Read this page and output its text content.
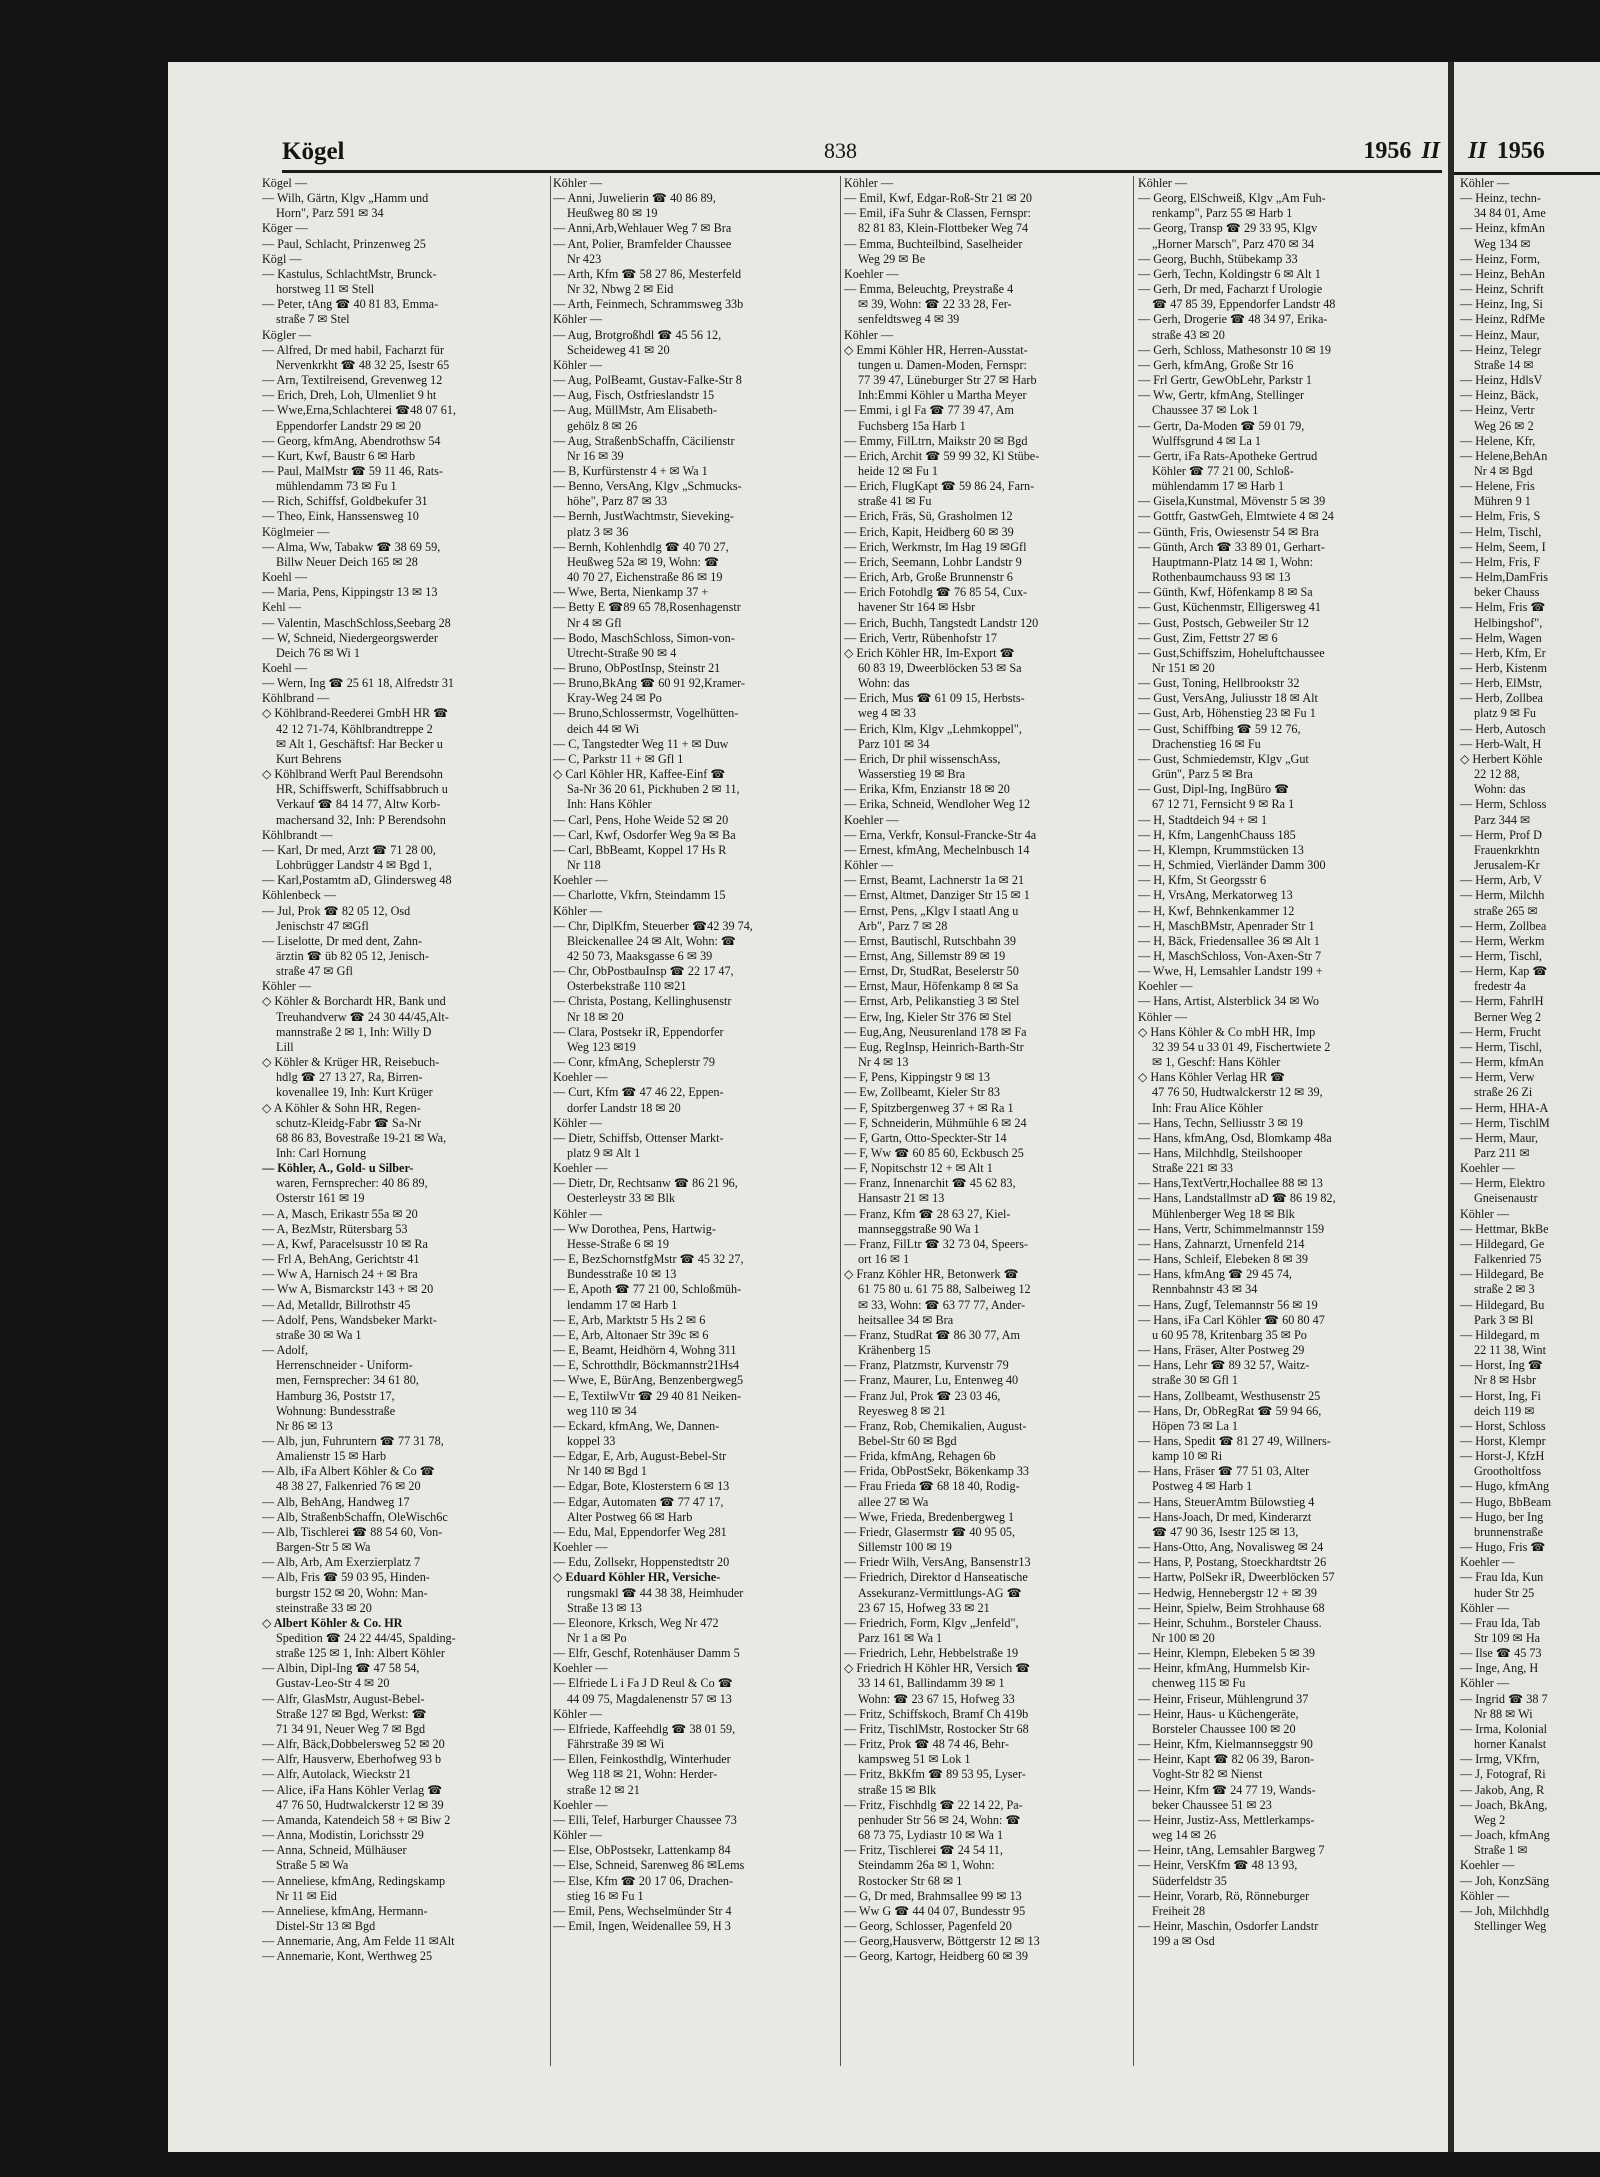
Kögel	838	1956 II
Kögel —
— Wilh, Gärtn, Klgv „Hamm und
Horn", Parz 591 ✉ 34
Köger —
— Paul, Schlacht, Prinzenweg 25
Kögl —
— Kastulus, SchlachtMstr, Brunck-
horstweg 11 ✉ Stell
— Peter, tAng ☎ 40 81 83, Emma-
straße 7 ✉ Stel
Kögler —
— Alfred, Dr med habil, Facharzt für
Nervenkrkht ☎ 48 32 25, Isestr 65
— Arn, Textilreisend, Grevenweg 12
— Erich, Dreh, Loh, Ulmenliet 9 ht
— Wwe,Erna,Schlachterei ☎48 07 61,
Eppendorfer Landstr 29 ✉ 20
— Georg, kfmAng, Abendrothsw 54
— Kurt, Kwf, Baustr 6 ✉ Harb
— Paul, MalMstr ☎ 59 11 46, Rats-
mühlendamm 73 ✉ Fu 1
— Rich, Schiffsf, Goldbekufer 31
— Theo, Eink, Hanssensweg 10
Köglmeier —
— Alma, Ww, Tabakw ☎ 38 69 59,
Billw Neuer Deich 165 ✉ 28
Koehl —
— Maria, Pens, Kippingstr 13 ✉ 13
Kehl —
— Valentin, MaschSchloss,Seebarg 28
— W, Schneid, Niedergeorgswerder
Deich 76 ✉ Wi 1
Koehl —
— Wern, Ing ☎ 25 61 18, Alfredstr 31
Köhlbrand —
◇ Köhlbrand-Reederei GmbH HR ☎
42 12 71-74, Köhlbrandtreppe 2
✉ Alt 1, Geschäftsf: Har Becker u
Kurt Behrens
◇ Köhlbrand Werft Paul Berendsohn
HR, Schiffswerft, Schiffsabbruch u
Verkauf ☎ 84 14 77, Altw Korb-
machersand 32, Inh: P Berendsohn
Köhlbrandt —
— Karl, Dr med, Arzt ☎ 71 28 00,
Lohbrügger Landstr 4 ✉ Bgd 1,
— Karl,Postamtm aD, Glindersweg 48
Köhlenbeck —
— Jul, Prok ☎ 82 05 12, Osd
Jenischstr 47 ✉Gfl
— Liselotte, Dr med dent, Zahn-
ärztin ☎ üb 82 05 12, Jenisch-
straße 47 ✉ Gfl
Köhler —
◇ Köhler & Borchardt HR, Bank und
Treuhandverw ☎ 24 30 44/45,Alt-
mannstraße 2 ✉ 1, Inh: Willy D
Lill
◇ Köhler & Krüger HR, Reisebuch-
hdlg ☎ 27 13 27, Ra, Birren-
kovenallee 19, Inh: Kurt Krüger
◇ A Köhler & Sohn HR, Regen-
schutz-Kleidg-Fabr ☎ Sa-Nr
68 86 83, Bovestraße 19-21 ✉ Wa,
Inh: Carl Hornung
— Köhler, A., Gold- u Silber-
waren, Fernsprecher: 40 86 89,
Osterstr 161 ✉ 19
— A, Masch, Erikastr 55a ✉ 20
— A, BezMstr, Rütersbarg 53
— A, Kwf, Paracelsusstr 10 ✉ Ra
— Frl A, BehAng, Gerichtstr 41
— Ww A, Harnisch 24 + ✉ Bra
— Ww A, Bismarckstr 143 + ✉ 20
— Ad, Metalldr, Billrothstr 45
— Adolf, Pens, Wandsbeker Markt-
straße 30 ✉ Wa 1
— Adolf,
Herrenschneider - Uniform-
men, Fernsprecher: 34 61 80,
Hamburg 36, Poststr 17,
Wohnung: Bundesstraße
Nr 86 ✉ 13
— Alb, jun, Fuhruntern ☎ 77 31 78,
Amalienstr 15 ✉ Harb
— Alb, iFa Albert Köhler & Co ☎
48 38 27, Falkenried 76 ✉ 20
— Alb, BehAng, Handweg 17
— Alb, StraßenbSchaffn, OleWisch6c
— Alb, Tischlerei ☎ 88 54 60, Von-
Bargen-Str 5 ✉ Wa
— Alb, Arb, Am Exerzierplatz 7
— Alb, Fris ☎ 59 03 95, Hinden-
burgstr 152 ✉ 20, Wohn: Man-
steinstraße 33 ✉ 20
◇ Albert Köhler & Co. HR
Spedition ☎ 24 22 44/45, Spalding-
straße 125 ✉ 1, Inh: Albert Köhler
— Albin, Dipl-Ing ☎ 47 58 54,
Gustav-Leo-Str 4 ✉ 20
— Alfr, GlasMstr, August-Bebel-
Straße 127 ✉ Bgd, Werkst: ☎
71 34 91, Neuer Weg 7 ✉ Bgd
— Alfr, Bäck,Dobbelersweg 52 ✉ 20
— Alfr, Hausverw, Eberhofweg 93 b
— Alfr, Autolack, Wieckstr 21
— Alice, iFa Hans Köhler Verlag ☎
47 76 50, Hudtwalckerstr 12 ✉ 39
— Amanda, Katendeich 58 + ✉ Biw 2
— Anna, Modistin, Lorichsstr 29
— Anna, Schneid, Mülhäuser
Straße 5 ✉ Wa
— Anneliese, kfmAng, Redingskamp
Nr 11 ✉ Eid
— Anneliese, kfmAng, Hermann-
Distel-Str 13 ✉ Bgd
— Annemarie, Ang, Am Felde 11 ✉Alt
— Annemarie, Kont, Werthweg 25
Köhler —
— Anni, Juwelierin ☎ 40 86 89,
Heußweg 80 ✉ 19
— Anni,Arb,Wehlauer Weg 7 ✉ Bra
— Ant, Polier, Bramfelder Chaussee
Nr 423
— Arth, Kfm ☎ 58 27 86, Mesterfeld
Nr 32, Nbwg 2 ✉ Eid
— Arth, Feinmech, Schrammsweg 33b
Köhler —
— Aug, Brotgroßhdl ☎ 45 56 12,
Scheideweg 41 ✉ 20
Köhler —
— Aug, PolBeamt, Gustav-Falke-Str 8
— Aug, Fisch, Ostfrieslandstr 15
— Aug, MüllMstr, Am Elisabeth-
gehölz 8 ✉ 26
— Aug, StraßenbSchaffn, Cäcilienstr
Nr 16 ✉ 39
— B, Kurfürstenstr 4 + ✉ Wa 1
— Benno, VersAng, Klgv „Schmucks-
höhe", Parz 87 ✉ 33
— Bernh, JustWachtmstr, Sieveking-
platz 3 ✉ 36
— Bernh, Kohlenhdlg ☎ 40 70 27,
Heußweg 52a ✉ 19, Wohn: ☎
40 70 27, Eichenstraße 86 ✉ 19
— Wwe, Berta, Nienkamp 37 +
— Betty E ☎89 65 78,Rosenhagenstr
Nr 4 ✉ Gfl
— Bodo, MaschSchloss, Simon-von-
Utrecht-Straße 90 ✉ 4
— Bruno, ObPostInsp, Steinstr 21
— Bruno,BkAng ☎ 60 91 92,Kramer-
Kray-Weg 24 ✉ Po
— Bruno,Schlossermstr, Vogelhütten-
deich 44 ✉ Wi
— C, Tangstedter Weg 11 + ✉ Duw
— C, Parkstr 11 + ✉ Gfl 1
◇ Carl Köhler HR, Kaffee-Einf ☎
Sa-Nr 36 20 61, Pickhuben 2 ✉ 11,
Inh: Hans Köhler
— Carl, Pens, Hohe Weide 52 ✉ 20
— Carl, Kwf, Osdorfer Weg 9a ✉ Ba
— Carl, BbBeamt, Koppel 17 Hs R
Nr 118
Koehler —
— Charlotte, Vkfrn, Steindamm 15
Köhler —
— Chr, DiplKfm, Steuerber ☎42 39 74,
Bleickenallee 24 ✉ Alt, Wohn: ☎
42 50 73, Maaksgasse 6 ✉ 39
— Chr, ObPostbauInsp ☎ 22 17 47,
Osterbekstraße 110 ✉21
— Christa, Postang, Kellinghusenstr
Nr 18 ✉ 20
— Clara, Postsekr iR, Eppendorfer
Weg 123 ✉19
— Conr, kfmAng, Scheplerstr 79
Koehler —
— Curt, Kfm ☎ 47 46 22, Eppen-
dorfer Landstr 18 ✉ 20
Köhler —
— Dietr, Schiffsb, Ottenser Markt-
platz 9 ✉ Alt 1
Koehler —
— Dietr, Dr, Rechtsanw ☎ 86 21 96,
Oesterleystr 33 ✉ Blk
Köhler —
— Ww Dorothea, Pens, Hartwig-
Hesse-Straße 6 ✉ 19
— E, BezSchornstfgMstr ☎ 45 32 27,
Bundesstraße 10 ✉ 13
— E, Apoth ☎ 77 21 00, Schloßmüh-
lendamm 17 ✉ Harb 1
— E, Arb, Marktstr 5 Hs 2 ✉ 6
— E, Arb, Altonaer Str 39c ✉ 6
— E, Beamt, Heidhörn 4, Wohng 311
— E, Schrotthdlr, Böckmannstr21Hs4
— Wwe, E, BürAng, Benzenbergweg5
— E, TextilwVtr ☎ 29 40 81 Neiken-
weg 110 ✉ 34
— Eckard, kfmAng, We, Dannen-
koppel 33
— Edgar, E, Arb, August-Bebel-Str
Nr 140 ✉ Bgd 1
— Edgar, Bote, Klosterstern 6 ✉ 13
— Edgar, Automaten ☎ 77 47 17,
Alter Postweg 66 ✉ Harb
— Edu, Mal, Eppendorfer Weg 281
Koehler —
— Edu, Zollsekr, Hoppenstedtstr 20
◇ Eduard Köhler HR, Versiche-
rungsmakl ☎ 44 38 38, Heimhuder
Straße 13 ✉ 13
— Eleonore, Krksch, Weg Nr 472
Nr 1 a ✉ Po
— Elfr, Geschf, Rotenhäuser Damm 5
Koehler —
— Elfriede L i Fa J D Reul & Co ☎
44 09 75, Magdalenenstr 57 ✉ 13
Köhler —
— Elfriede, Kaffeehdlg ☎ 38 01 59,
Fährstraße 39 ✉ Wi
— Ellen, Feinkosthdlg, Winterhuder
Weg 118 ✉ 21, Wohn: Herder-
straße 12 ✉ 21
Koehler —
— Elli, Telef, Harburger Chaussee 73
Köhler —
— Else, ObPostsekr, Lattenkamp 84
— Else, Schneid, Sarenweg 86 ✉Lems
— Else, Kfm ☎ 20 17 06, Drachen-
stieg 16 ✉ Fu 1
— Emil, Pens, Wechselmünder Str 4
— Emil, Ingen, Weidenallee 59, H 3
Köhler —
— Emil, Kwf, Edgar-Roß-Str 21 ✉ 20
— Emil, iFa Suhr & Classen, Fernspr:
82 81 83, Klein-Flottbeker Weg 74
— Emma, Buchteilbind, Saselheider
Weg 29 ✉ Be
Koehler —
— Emma, Beleuchtg, Preystraße 4
✉ 39, Wohn: ☎ 22 33 28, Fer-
senfeldtsweg 4 ✉ 39
Köhler —
◇ Emmi Köhler HR, Herren-Ausstat-
tungen u. Damen-Moden, Fernspr:
77 39 47, Lüneburger Str 27 ✉ Harb
Inh:Emmi Köhler u Martha Meyer
— Emmi, i gl Fa ☎ 77 39 47, Am
Fuchsberg 15a Harb 1
— Emmy, FilLtrn, Maikstr 20 ✉ Bgd
— Erich, Archit ☎ 59 99 32, Kl Stübe-
heide 12 ✉ Fu 1
— Erich, FlugKapt ☎ 59 86 24, Farn-
straße 41 ✉ Fu
— Erich, Fräs, Sü, Grasholmen 12
— Erich, Kapit, Heidberg 60 ✉ 39
— Erich, Werkmstr, Im Hag 19 ✉Gfl
— Erich, Seemann, Lohbr Landstr 9
— Erich, Arb, Große Brunnenstr 6
— Erich Fotohdlg ☎ 76 85 54, Cux-
havener Str 164 ✉ Hsbr
— Erich, Buchh, Tangstedt Landstr 120
— Erich, Vertr, Rübenhofstr 17
◇ Erich Köhler HR, Im-Export ☎
60 83 19, Dweerblöcken 53 ✉ Sa
Wohn: das
— Erich, Mus ☎ 61 09 15, Herbsts-
weg 4 ✉ 33
— Erich, Klm, Klgv „Lehmkoppel",
Parz 101 ✉ 34
— Erich, Dr phil wissenschAss,
Wasserstieg 19 ✉ Bra
— Erika, Kfm, Enzianstr 18 ✉ 20
— Erika, Schneid, Wendloher Weg 12
Koehler —
— Erna, Verkfr, Konsul-Francke-Str 4a
— Ernest, kfmAng, Mechelnbusch 14
Köhler —
— Ernst, Beamt, Lachnerstr 1a ✉ 21
— Ernst, Altmet, Danziger Str 15 ✉ 1
— Ernst, Pens, „Klgv I staatl Ang u
Arb", Parz 7 ✉ 28
— Ernst, Bautischl, Rutschbahn 39
— Ernst, Ang, Sillemstr 89 ✉ 19
— Ernst, Dr, StudRat, Beselerstr 50
— Ernst, Maur, Höfenkamp 8 ✉ Sa
— Ernst, Arb, Pelikanstieg 3 ✉ Stel
— Erw, Ing, Kieler Str 376 ✉ Stel
— Eug,Ang, Neusurenland 178 ✉ Fa
— Eug, RegInsp, Heinrich-Barth-Str
Nr 4 ✉ 13
— F, Pens, Kippingstr 9 ✉ 13
— Ew, Zollbeamt, Kieler Str 83
— F, Spitzbergenweg 37 + ✉ Ra 1
— F, Schneiderin, Mühmühle 6 ✉ 24
— F, Gartn, Otto-Speckter-Str 14
— F, Ww ☎ 60 85 60, Eckbusch 25
— F, Nopitschstr 12 + ✉ Alt 1
— Franz, Innenarchit ☎ 45 62 83,
Hansastr 21 ✉ 13
— Franz, Kfm ☎ 28 63 27, Kiel-
mannseggstraße 90 Wa 1
— Franz, FilLtr ☎ 32 73 04, Speers-
ort 16 ✉ 1
◇ Franz Köhler HR, Betonwerk ☎
61 75 80 u. 61 75 88, Salbeiweg 12
✉ 33, Wohn: ☎ 63 77 77, Ander-
heitsallee 34 ✉ Bra
— Franz, StudRat ☎ 86 30 77, Am
Krähenberg 15
— Franz, Platzmstr, Kurvenstr 79
— Franz, Maurer, Lu, Entenweg 40
— Franz Jul, Prok ☎ 23 03 46,
Reyesweg 8 ✉ 21
— Franz, Rob, Chemikalien, August-
Bebel-Str 60 ✉ Bgd
— Frida, kfmAng, Rehagen 6b
— Frida, ObPostSekr, Bökenkamp 33
— Frau Frieda ☎ 68 18 40, Rodig-
allee 27 ✉ Wa
— Wwe, Frieda, Bredenbergweg 1
— Friedr, Glasermstr ☎ 40 95 05,
Sillemstr 100 ✉ 19
— Friedr Wilh, VersAng, Bansenstr13
— Friedrich, Direktor d Hanseatische
Assekuranz-Vermittlungs-AG ☎
23 67 15, Hofweg 33 ✉ 21
— Friedrich, Form, Klgv „Jenfeld",
Parz 161 ✉ Wa 1
— Friedrich, Lehr, Hebbelstraße 19
◇ Friedrich H Köhler HR, Versich ☎
33 14 61, Ballindamm 39 ✉ 1
Wohn: ☎ 23 67 15, Hofweg 33
— Fritz, Schiffskoch, Bramf Ch 419b
— Fritz, TischlMstr, Rostocker Str 68
— Fritz, Prok ☎ 48 74 46, Behr-
kampsweg 51 ✉ Lok 1
— Fritz, BkKfm ☎ 89 53 95, Lyser-
straße 15 ✉ Blk
— Fritz, Fischhdlg ☎ 22 14 22, Pa-
penhuder Str 56 ✉ 24, Wohn: ☎
68 73 75, Lydiastr 10 ✉ Wa 1
— Fritz, Tischlerei ☎ 24 54 11,
Steindamm 26a ✉ 1, Wohn:
Rostocker Str 68 ✉ 1
— G, Dr med, Brahmsallee 99 ✉ 13
— Ww G ☎ 44 04 07, Bundesstr 95
— Georg, Schlosser, Pagenfeld 20
— Georg,Hausverw, Böttgerstr 12 ✉ 13
— Georg, Kartogr, Heidberg 60 ✉ 39
Köhler —
— Georg, ElSchweiß, Klgv „Am Fuh-
renkamp", Parz 55 ✉ Harb 1
— Georg, Transp ☎ 29 33 95, Klgv
„Horner Marsch", Parz 470 ✉ 34
— Georg, Buchh, Stübekamp 33
— Gerh, Techn, Koldingstr 6 ✉ Alt 1
— Gerh, Dr med, Facharzt f Urologie
☎ 47 85 39, Eppendorfer Landstr 48
— Gerh, Drogerie ☎ 48 34 97, Erika-
straße 43 ✉ 20
— Gerh, Schloss, Mathesonstr 10 ✉ 19
— Gerh, kfmAng, Große Str 16
— Frl Gertr, GewObLehr, Parkstr 1
— Ww, Gertr, kfmAng, Stellinger
Chaussee 37 ✉ Lok 1
— Gertr, Da-Moden ☎ 59 01 79,
Wulffsgrund 4 ✉ La 1
— Gertr, iFa Rats-Apotheke Gertrud
Köhler ☎ 77 21 00, Schloß-
mühlendamm 17 ✉ Harb 1
— Gisela,Kunstmal, Mövenstr 5 ✉ 39
— Gottfr, GastwGeh, Elmtwiete 4 ✉ 24
— Günth, Fris, Owiesenstr 54 ✉ Bra
— Günth, Arch ☎ 33 89 01, Gerhart-
Hauptmann-Platz 14 ✉ 1, Wohn:
Rothenbaumchauss 93 ✉ 13
— Günth, Kwf, Höfenkamp 8 ✉ Sa
— Gust, Küchenmstr, Elligersweg 41
— Gust, Postsch, Gebweiler Str 12
— Gust, Zim, Fettstr 27 ✉ 6
— Gust,Schiffszim, Hoheluftchaussee
Nr 151 ✉ 20
— Gust, Toning, Hellbrookstr 32
— Gust, VersAng, Juliusstr 18 ✉ Alt
— Gust, Arb, Höhenstieg 23 ✉ Fu 1
— Gust, Schiffbing ☎ 59 12 76,
Drachenstieg 16 ✉ Fu
— Gust, Schmiedemstr, Klgv „Gut
Grün", Parz 5 ✉ Bra
— Gust, Dipl-Ing, IngBüro ☎
67 12 71, Fernsicht 9 ✉ Ra 1
— H, Stadtdeich 94 + ✉ 1
— H, Kfm, LangenhChauss 185
— H, Klempn, Krummstücken 13
— H, Schmied, Vierländer Damm 300
— H, Kfm, St Georgsstr 6
— H, VrsAng, Merkatorweg 13
— H, Kwf, Behnkenkammer 12
— H, MaschBMstr, Apenrader Str 1
— H, Bäck, Friedensallee 36 ✉ Alt 1
— H, MaschSchloss, Von-Axen-Str 7
— Wwe, H, Lemsahler Landstr 199 +
Koehler —
— Hans, Artist, Alsterblick 34 ✉ Wo
Köhler —
◇ Hans Köhler & Co mbH HR, Imp
32 39 54 u 33 01 49, Fischertwiete 2
✉ 1, Geschf: Hans Köhler
◇ Hans Köhler Verlag HR ☎
47 76 50, Hudtwalckerstr 12 ✉ 39,
Inh: Frau Alice Köhler
— Hans, Techn, Selliusstr 3 ✉ 19
— Hans, kfmAng, Osd, Blomkamp 48a
— Hans, Milchhdlg, Steilshooper
Straße 221 ✉ 33
— Hans,TextVertr,Hochallee 88 ✉ 13
— Hans, Landstallmstr aD ☎ 86 19 82,
Mühlenberger Weg 18 ✉ Blk
— Hans, Vertr, Schimmelmannstr 159
— Hans, Zahnarzt, Urnenfeld 214
— Hans, Schleif, Elebeken 8 ✉ 39
— Hans, kfmAng ☎ 29 45 74,
Rennbahnstr 43 ✉ 34
— Hans, Zugf, Telemannstr 56 ✉ 19
— Hans, iFa Carl Köhler ☎ 60 80 47
u 60 95 78, Kritenbarg 35 ✉ Po
— Hans, Fräser, Alter Postweg 29
— Hans, Lehr ☎ 89 32 57, Waitz-
straße 30 ✉ Gfl 1
— Hans, Zollbeamt, Westhusenstr 25
— Hans, Dr, ObRegRat ☎ 59 94 66,
Höpen 73 ✉ La 1
— Hans, Spedit ☎ 81 27 49, Willners-
kamp 10 ✉ Ri
— Hans, Fräser ☎ 77 51 03, Alter
Postweg 4 ✉ Harb 1
— Hans, SteuerAmtm Bülowstieg 4
— Hans-Joach, Dr med, Kinderarzt
☎ 47 90 36, Isestr 125 ✉ 13,
— Hans-Otto, Ang, Novalisweg ✉ 24
— Hans, P, Postang, Stoeckhardtstr 26
— Hartw, PolSekr iR, Dweerblöcken 57
— Hedwig, Hennebergstr 12 + ✉ 39
— Heinr, Spielw, Beim Strohhause 68
— Heinr, Schuhm., Borsteler Chauss.
Nr 100 ✉ 20
— Heinr, Klempn, Elebeken 5 ✉ 39
— Heinr, kfmAng, Hummelsb Kir-
chenweg 115 ✉ Fu
— Heinr, Friseur, Mühlengrund 37
— Heinr, Haus- u Küchengeräte,
Borsteler Chaussee 100 ✉ 20
— Heinr, Kfm, Kielmannseggstr 90
— Heinr, Kapt ☎ 82 06 39, Baron-
Voght-Str 82 ✉ Nienst
— Heinr, Kfm ☎ 24 77 19, Wands-
beker Chaussee 51 ✉ 23
— Heinr, Justiz-Ass, Mettlerkamps-
weg 14 ✉ 26
— Heinr, tAng, Lemsahler Bargweg 7
— Heinr, VersKfm ☎ 48 13 93,
Süderfeldstr 35
— Heinr, Vorarb, Rö, Rönneburger
Freiheit 28
— Heinr, Maschin, Osdorfer Landstr
199 a ✉ Osd
II 1956
Köhler —
— Heinz, techn-
34 84 01, Ame
— Heinz, kfmAn
Weg 134 ✉
— Heinz, Form,
— Heinz, BehAn
— Heinz, Schrift
— Heinz, Ing, Si
— Heinz, RdfMe
— Heinz, Maur,
— Heinz, Telegr
Straße 14 ✉
— Heinz, HdlsV
— Heinz, Bäck,
— Heinz, Vertr
Weg 26 ✉ 2
— Helene, Kfr,
— Helene,BehAn
Nr 4 ✉ Bgd
— Helene, Fris
Mühren 9 1
— Helm, Fris, S
— Helm, Tischl,
— Helm, Seem, I
— Helm, Fris, F
— Helm,DamFris
beker Chauss
— Helm, Fris ☎
Helbingshof",
— Helm, Wagen
— Herb, Kfm, Er
— Herb, Kistenm
— Herb, ElMstr,
— Herb, Zollbea
platz 9 ✉ Fu
— Herb, Autosch
— Herb-Walt, H
◇ Herbert Köhle
22 12 88,
Wohn: das
— Herm, Schloss
Parz 344 ✉
— Herm, Prof D
Frauenkrkhtn
Jerusalem-Kr
— Herm, Arb, V
— Herm, Milchh
straße 265 ✉
— Herm, Zollbea
— Herm, Werkm
— Herm, Tischl,
— Herm, Kap ☎
fredestr 4a
— Herm, FahrlH
Berner Weg 2
— Herm, Frucht
— Herm, Tischl,
— Herm, kfmAn
— Herm, Verw
straße 26 Zi
— Herm, HHA-A
— Herm, TischlM
— Herm, Maur,
Parz 211 ✉
Koehler —
— Herm, Elektro
Gneisenaustr
Köhler —
— Hettmar, BkBe
— Hildegard, Ge
Falkenried 75
— Hildegard, Be
straße 2 ✉ 3
— Hildegard, Bu
Park 3 ✉ Bl
— Hildegard, m
22 11 38, Wint
— Horst, Ing ☎
Nr 8 ✉ Hsbr
— Horst, Ing, Fi
deich 119 ✉
— Horst, Schloss
— Horst, Klempr
— Horst-J, KfzH
Grootholtfoss
— Hugo, kfmAng
— Hugo, BbBeam
— Hugo, ber Ing
brunnenstraße
— Hugo, Fris ☎
Koehler —
— Frau Ida, Kun
huder Str 25
Köhler —
— Frau Ida, Tab
Str 109 ✉ Ha
— Ilse ☎ 45 73
— Inge, Ang, H
Köhler —
— Ingrid ☎ 38 7
Nr 88 ✉ Wi
— Irma, Kolonial
horner Kanalst
— Irmg, VKfrn,
— J, Fotograf, Ri
— Jakob, Ang, R
— Joach, BkAng,
Weg 2
— Joach, kfmAng
Straße 1 ✉
Koehler —
— Joh, KonzSäng
Köhler —
— Joh, Milchhdlg
Stellinger Weg
